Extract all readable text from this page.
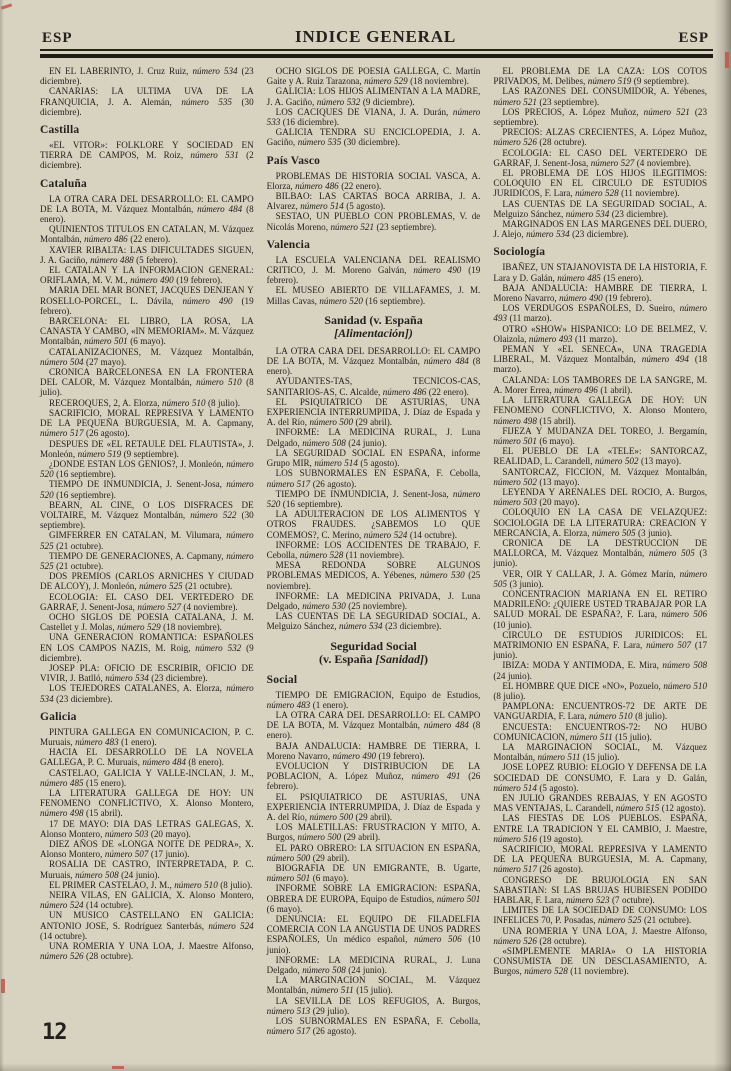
ESP	INDICE GENERAL	ESP

EN EL LABERINTO, J. Cruz Ruiz, número 534 (23 diciembre).

CANARIAS: LA ULTIMA UVA DE LA FRANQUICIA, J. A. Alemán, número 535 (30 diciembre).

Castilla

«EL VITOR»: FOLKLORE Y SOCIEDAD EN TIERRA DE CAMPOS, M. Roiz, número 531 (2 diciembre).

Cataluña

LA OTRA CARA DEL DESARROLLO: EL CAMPO DE LA BOTA, M. Vázquez Montalbán, número 484 (8 enero).

QUINIENTOS TITULOS EN CATALAN, M. Vázquez Montalbán, número 486 (22 enero).

XAVIER RIBALTA: LAS DIFICULTADES SIGUEN, J. A. Gaciño, número 488 (5 febrero).

EL CATALAN Y LA INFORMACION GENERAL: ORIFLAMA, M. V. M., número 490 (19 febrero).

MARIA DEL MAR BONET, JACQUES DENJEAN Y ROSELLO-PORCEL, L. Dávila, número 490 (19 febrero).

BARCELONA: EL LIBRO, LA ROSA, LA CANASTA Y CAMBO, «IN MEMORIAM». M. Vázquez Montalbán, número 501 (6 mayo).

CATALANIZACIONES, M. Vázquez Montalbán, número 504 (27 mayo).

CRONICA BARCELONESA EN LA FRONTERA DEL CALOR, M. Vázquez Montalbán, número 510 (8 julio).

RECEROQUES, 2, A. Elorza, número 510 (8 julio).

SACRIFICIO, MORAL REPRESIVA Y LAMENTO DE LA PEQUEÑA BURGUESIA, M. A. Capmany, número 517 (26 agosto).

DESPUES DE «EL RETAULE DEL FLAUTISTA», J. Monleón, número 519 (9 septiembre).

¿DONDE ESTAN LOS GENIOS?, J. Monleón, número 520 (16 septiembre).

TIEMPO DE INMUNDICIA, J. Senent-Josa, número 520 (16 septiembre).

BEARN, AL CINE, O LOS DISFRACES DE VOLTAIRE, M. Vázquez Montalbán, número 522 (30 septiembre).

GIMFERRER EN CATALAN, M. Vilumara, número 525 (21 octubre).

TIEMPO DE GENERACIONES, A. Capmany, número 525 (21 octubre).

DOS PREMIOS (CARLOS ARNICHES Y CIUDAD DE ALCOY), J. Monleón, número 525 (21 octubre).

ECOLOGIA: EL CASO DEL VERTEDERO DE GARRAF, J. Senent-Josa, número 527 (4 noviembre).

OCHO SIGLOS DE POESIA CATALANA, J. M. Castellet y J. Molas, número 529 (18 noviembre).

UNA GENERACION ROMANTICA: ESPAÑOLES EN LOS CAMPOS NAZIS, M. Roig, número 532 (9 diciembre).

JOSEP PLA: OFICIO DE ESCRIBIR, OFICIO DE VIVIR, J. Batlló, número 534 (23 diciembre).

LOS TEJEDORES CATALANES, A. Elorza, número 534 (23 diciembre).

Galicia

PINTURA GALLEGA EN COMUNICACION, P. C. Muruais, número 483 (1 enero).

HACIA EL DESARROLLO DE LA NOVELA GALLEGA, P. C. Muruais, número 484 (8 enero).

CASTELAO, GALICIA Y VALLE-INCLAN, J. M., número 485 (15 enero).

LA LITERATURA GALLEGA DE HOY: UN FENOMENO CONFLICTIVO, X. Alonso Montero, número 498 (15 abril).

17 DE MAYO: DIA DAS LETRAS GALEGAS, X. Alonso Montero, número 503 (20 mayo).

DIEZ AÑOS DE «LONGA NOITE DE PEDRA», X. Alonso Montero, número 507 (17 junio).

ROSALIA DE CASTRO, INTERPRETADA, P. C. Muruais, número 508 (24 junio).

EL PRIMER CASTELAO, J. M., número 510 (8 julio).

NEIRA VILAS, EN GALICIA, X. Alonso Montero, número 524 (14 octubre).

UN MUSICO CASTELLANO EN GALICIA: ANTONIO JOSE, S. Rodríguez Santerbás, número 524 (14 octubre).

UNA ROMERIA Y UNA LOA, J. Maestre Alfonso, número 526 (28 octubre).

OCHO SIGLOS DE POESIA GALLEGA, C. Martín Gaite y A. Ruiz Tarazona, número 529 (18 noviembre).

GALICIA: LOS HIJOS ALIMENTAN A LA MADRE, J. A. Gaciño, número 532 (9 diciembre).

LOS CACIQUES DE VIANA, J. A. Durán, número 533 (16 diciembre).

GALICIA TENDRA SU ENCICLOPEDIA, J. A. Gaciño, número 535 (30 diciembre).

País Vasco

PROBLEMAS DE HISTORIA SOCIAL VASCA, A. Elorza, número 486 (22 enero).

BILBAO: LAS CARTAS BOCA ARRIBA, J. A. Alvarez, número 514 (5 agosto).

SESTAO, UN PUEBLO CON PROBLEMAS, V. de Nicolás Moreno, número 521 (23 septiembre).

Valencia

LA ESCUELA VALENCIANA DEL REALISMO CRITICO, J. M. Moreno Galván, número 490 (19 febrero).

EL MUSEO ABIERTO DE VILLAFAMES, J. M. Millas Cavas, número 520 (16 septiembre).

Sanidad (v. España
[Alimentación])

LA OTRA CARA DEL DESARROLLO: EL CAMPO DE LA BOTA, M. Vázquez Montalbán, número 484 (8 enero).

AYUDANTES-TAS, TECNICOS-CAS, SANITARIOS-AS, C. Alcalde, número 486 (22 enero).

EL PSIQUIATRICO DE ASTURIAS, UNA EXPERIENCIA INTERRUMPIDA, J. Díaz de Espada y A. del Río, número 500 (29 abril).

INFORME: LA MEDICINA RURAL, J. Luna Delgado, número 508 (24 junio).

LA SEGURIDAD SOCIAL EN ESPAÑA, informe Grupo MIR, número 514 (5 agosto).

LOS SUBNORMALES EN ESPAÑA, F. Cebolla, número 517 (26 agosto).

TIEMPO DE INMUNDICIA, J. Senent-Josa, número 520 (16 septiembre).

LA ADULTERACION DE LOS ALIMENTOS Y OTROS FRAUDES. ¿SABEMOS LO QUE COMEMOS?, C. Merino, número 524 (14 octubre).

INFORME: LOS ACCIDENTES DE TRABAJO, F. Cebolla, número 528 (11 noviembre).

MESA REDONDA SOBRE ALGUNOS PROBLEMAS MEDICOS, A. Yébenes, número 530 (25 noviembre).

INFORME: LA MEDICINA PRIVADA, J. Luna Delgado, número 530 (25 noviembre).

LAS CUENTAS DE LA SEGURIDAD SOCIAL, A. Melguizo Sánchez, número 534 (23 diciembre).

Seguridad Social
(v. España [Sanidad])
Social

TIEMPO DE EMIGRACION, Equipo de Estudios, número 483 (1 enero).

LA OTRA CARA DEL DESARROLLO: EL CAMPO DE LA BOTA, M. Vázquez Montalbán, número 484 (8 enero).

BAJA ANDALUCIA: HAMBRE DE TIERRA, I. Moreno Navarro, número 490 (19 febrero).

EVOLUCION Y DISTRIBUCION DE LA POBLACION, A. López Muñoz, número 491 (26 febrero).

EL PSIQUIATRICO DE ASTURIAS, UNA EXPERIENCIA INTERRUMPIDA, J. Díaz de Espada y A. del Río, número 500 (29 abril).

LOS MALETILLAS: FRUSTRACION Y MITO, A. Burgos, número 500 (29 abril).

EL PARO OBRERO: LA SITUACION EN ESPAÑA, número 500 (29 abril).

BIOGRAFIA DE UN EMIGRANTE, B. Ugarte, número 501 (6 mayo).

INFORME SOBRE LA EMIGRACION: ESPAÑA, OBRERA DE EUROPA, Equipo de Estudios, número 501 (6 mayo).

DENUNCIA: EL EQUIPO DE FILADELFIA COMERCIA CON LA ANGUSTIA DE UNOS PADRES ESPAÑOLES, Un médico español, número 506 (10 junio).

INFORME: LA MEDICINA RURAL, J. Luna Delgado, número 508 (24 junio).

LA MARGINACION SOCIAL, M. Vázquez Montalbán, número 511 (15 julio).

LA SEVILLA DE LOS REFUGIOS, A. Burgos, número 513 (29 julio).

LOS SUBNORMALES EN ESPAÑA, F. Cebolla, número 517 (26 agosto).

EL PROBLEMA DE LA CAZA: LOS COTOS PRIVADOS, M. Delibes, número 519 (9 septiembre).

LAS RAZONES DEL CONSUMIDOR, A. Yébenes, número 521 (23 septiembre).

LOS PRECIOS, A. López Muñoz, número 521 (23 septiembre).

PRECIOS: ALZAS CRECIENTES, A. López Muñoz, número 526 (28 octubre).

ECOLOGIA: EL CASO DEL VERTEDERO DE GARRAF, J. Senent-Josa, número 527 (4 noviembre).

EL PROBLEMA DE LOS HIJOS ILEGITIMOS: COLOQUIO EN EL CIRCULO DE ESTUDIOS JURIDICOS, F. Lara, número 528 (11 noviembre).

LAS CUENTAS DE LA SEGURIDAD SOCIAL, A. Melguizo Sánchez, número 534 (23 diciembre).

MARGINADOS EN LAS MARGENES DEL DUERO, J. Alejo, número 534 (23 diciembre).

Sociología

IBAÑEZ, UN STAJANOVISTA DE LA HISTORIA, F. Lara y D. Galán, número 485 (15 enero).

BAJA ANDALUCIA: HAMBRE DE TIERRA, I. Moreno Navarro, número 490 (19 febrero).

LOS VERDUGOS ESPAÑOLES, D. Sueiro, número 493 (11 marzo).

OTRO «SHOW» HISPANICO: LO DE BELMEZ, V. Olaizola, número 493 (11 marzo).

PEMAN Y «EL SENECA», UNA TRAGEDIA LIBERAL, M. Vázquez Montalbán, número 494 (18 marzo).

CALANDA: LOS TAMBORES DE LA SANGRE, M. A. Morer Errea, número 496 (1 abril).

LA LITERATURA GALLEGA DE HOY: UN FENOMENO CONFLICTIVO, X. Alonso Montero, número 498 (15 abril).

FIJEZA Y MUDANZA DEL TOREO, J. Bergamín, número 501 (6 mayo).

EL PUEBLO DE LA «TELE»: SANTORCAZ, REALIDAD, L. Carandell, número 502 (13 mayo).

SANTORCAZ, FICCION, M. Vázquez Montalbán, número 502 (13 mayo).

LEYENDA Y ARENALES DEL ROCIO, A. Burgos, número 503 (20 mayo).

COLOQUIO EN LA CASA DE VELAZQUEZ: SOCIOLOGIA DE LA LITERATURA: CREACION Y MERCANCIA, A. Elorza, número 505 (3 junio).

CRONICA DE LA DESTRUCCION DE MALLORCA, M. Vázquez Montalbán, número 505 (3 junio).

VER, OIR Y CALLAR, J. A. Gómez Marín, número 505 (3 junio).

CONCENTRACION MARIANA EN EL RETIRO MADRILEÑO: ¿QUIERE USTED TRABAJAR POR LA SALUD MORAL DE ESPAÑA?, F. Lara, número 506 (10 junio).

CIRCULO DE ESTUDIOS JURIDICOS: EL MATRIMONIO EN ESPAÑA, F. Lara, número 507 (17 junio).

IBIZA: MODA Y ANTIMODA, E. Mira, número 508 (24 junio).

EL HOMBRE QUE DICE «NO», Pozuelo, número 510 (8 julio).

PAMPLONA: ENCUENTROS-72 DE ARTE DE VANGUARDIA, F. Lara, número 510 (8 julio).

ENCUESTA: ENCUENTROS-72: NO HUBO COMUNICACION, número 511 (15 julio).

LA MARGINACION SOCIAL, M. Vázquez Montalbán, número 511 (15 julio).

JOSE LOPEZ RUBIO: ELOGIO Y DEFENSA DE LA SOCIEDAD DE CONSUMO, F. Lara y D. Galán, número 514 (5 agosto).

EN JULIO GRANDES REBAJAS, Y EN AGOSTO MAS VENTAJAS, L. Carandell, número 515 (12 agosto).

LAS FIESTAS DE LOS PUEBLOS. ESPAÑA, ENTRE LA TRADICION Y EL CAMBIO, J. Maestre, número 516 (19 agosto).

SACRIFICIO, MORAL REPRESIVA Y LAMENTO DE LA PEQUEÑA BURGUESIA, M. A. Capmany, número 517 (26 agosto).

CONGRESO DE BRUJOLOGIA EN SAN SABASTIAN: SI LAS BRUJAS HUBIESEN PODIDO HABLAR, F. Lara, número 523 (7 octubre).

LIMITES DE LA SOCIEDAD DE CONSUMO: LOS INFELICES 70, P. Posadas, número 525 (21 octubre).

UNA ROMERIA Y UNA LOA, J. Maestre Alfonso, número 526 (28 octubre).

«SIMPLEMENTE MARIA» O LA HISTORIA CONSUMISTA DE UN DESCLASAMIENTO, A. Burgos, número 528 (11 noviembre).

12
